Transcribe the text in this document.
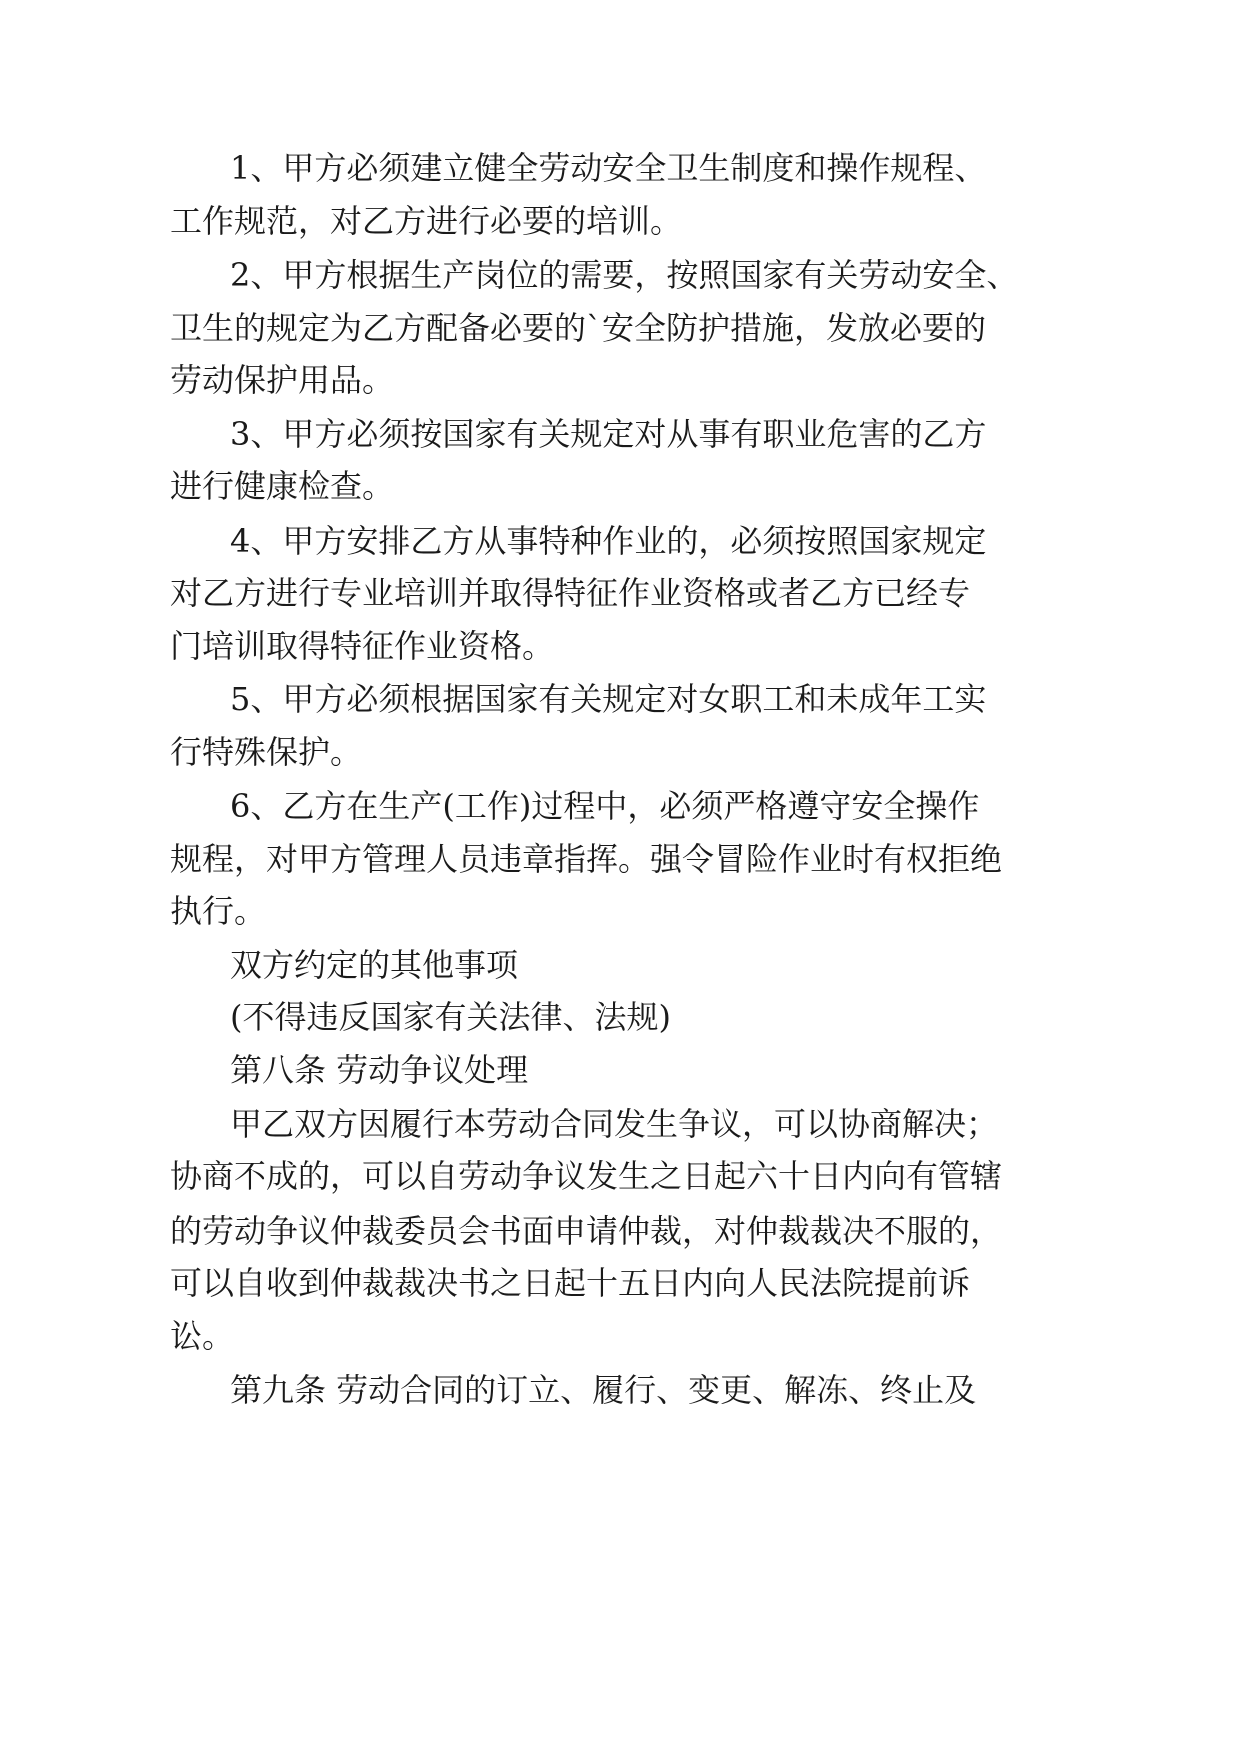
1、甲方必须建立健全劳动安全卫生制度和操作规程、
工作规范，对乙方进行必要的培训。
2、甲方根据生产岗位的需要，按照国家有关劳动安全、
卫生的规定为乙方配备必要的`安全防护措施，发放必要的
劳动保护用品。
3、甲方必须按国家有关规定对从事有职业危害的乙方
进行健康检查。
4、甲方安排乙方从事特种作业的，必须按照国家规定
对乙方进行专业培训并取得特征作业资格或者乙方已经专
门培训取得特征作业资格。
5、甲方必须根据国家有关规定对女职工和未成年工实
行特殊保护。
6、乙方在生产(工作)过程中，必须严格遵守安全操作
规程，对甲方管理人员违章指挥。强令冒险作业时有权拒绝
执行。
双方约定的其他事项
(不得违反国家有关法律、法规)
第八条 劳动争议处理
甲乙双方因履行本劳动合同发生争议，可以协商解决；
协商不成的，可以自劳动争议发生之日起六十日内向有管辖
的劳动争议仲裁委员会书面申请仲裁，对仲裁裁决不服的，
可以自收到仲裁裁决书之日起十五日内向人民法院提前诉
讼。
第九条 劳动合同的订立、履行、变更、解冻、终止及
